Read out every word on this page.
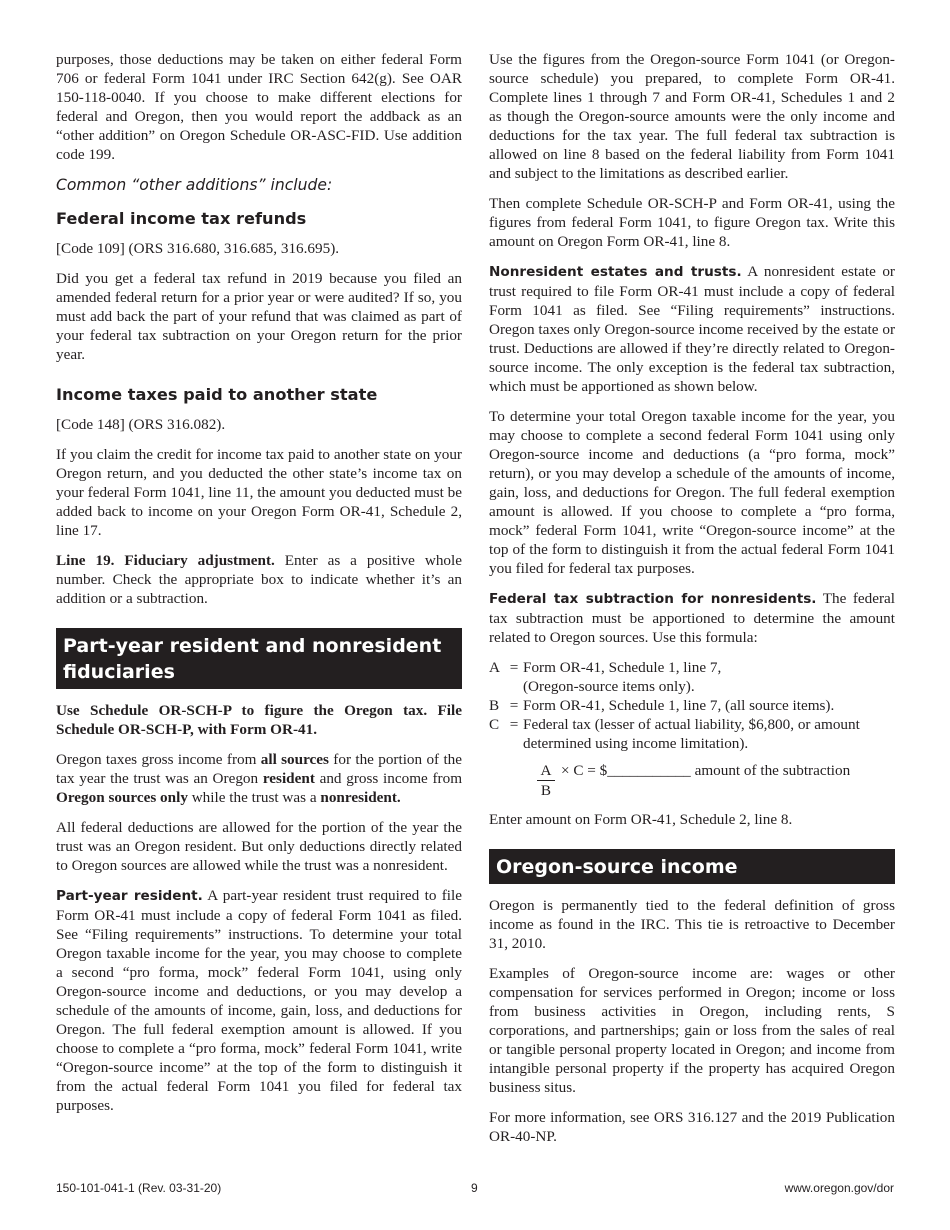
purposes, those deductions may be taken on either federal Form 706 or federal Form 1041 under IRC Section 642(g). See OAR 150-118-0040. If you choose to make different elections for federal and Oregon, then you would report the addback as an “other addition” on Oregon Schedule OR-ASC-FID. Use addition code 199.

Common “other additions” include:
Federal income tax refunds

[Code 109] (ORS 316.680, 316.685, 316.695).

Did you get a federal tax refund in 2019 because you filed an amended federal return for a prior year or were audited? If so, you must add back the part of your refund that was claimed as part of your federal tax subtraction on your Oregon return for the prior year.

Income taxes paid to another state

[Code 148] (ORS 316.082).

If you claim the credit for income tax paid to another state on your Oregon return, and you deducted the other state’s income tax on your federal Form 1041, line 11, the amount you deducted must be added back to income on your Oregon Form OR-41, Schedule 2, line 17.

Line 19. Fiduciary adjustment. Enter as a positive whole number. Check the appropriate box to indicate whether it’s an addition or a subtraction.

Part-year resident and nonresident fiduciaries

Use Schedule OR-SCH-P to figure the Oregon tax. File Schedule OR-SCH-P, with Form OR-41.

Oregon taxes gross income from all sources for the portion of the tax year the trust was an Oregon resident and gross income from Oregon sources only while the trust was a nonresident.

All federal deductions are allowed for the portion of the year the trust was an Oregon resident. But only deductions directly related to Oregon sources are allowed while the trust was a nonresident.

Part-year resident. A part-year resident trust required to file Form OR-41 must include a copy of federal Form 1041 as filed. See “Filing requirements” instructions. To determine your total Oregon taxable income for the year, you may choose to complete a second “pro forma, mock” federal Form 1041, using only Oregon-source income and deductions, or you may develop a schedule of the amounts of income, gain, loss, and deductions for Oregon. The full federal exemption amount is allowed. If you choose to complete a “pro forma, mock” federal Form 1041, write “Oregon-source income” at the top of the form to distinguish it from the actual federal Form 1041 you filed for federal tax purposes.

Use the figures from the Oregon-source Form 1041 (or Oregon-source schedule) you prepared, to complete Form OR-41. Complete lines 1 through 7 and Form OR-41, Schedules 1 and 2 as though the Oregon-source amounts were the only income and deductions for the tax year. The full federal tax subtraction is allowed on line 8 based on the federal liability from Form 1041 and subject to the limitations as described earlier.

Then complete Schedule OR-SCH-P and Form OR-41, using the figures from federal Form 1041, to figure Oregon tax. Write this amount on Oregon Form OR-41, line 8.

Nonresident estates and trusts. A nonresident estate or trust required to file Form OR-41 must include a copy of federal Form 1041 as filed. See “Filing requirements” instructions. Oregon taxes only Oregon-source income received by the estate or trust. Deductions are allowed if they’re directly related to Oregon-source income. The only exception is the federal tax subtraction, which must be apportioned as shown below.

To determine your total Oregon taxable income for the year, you may choose to complete a second federal Form 1041 using only Oregon-source income and deductions (a “pro forma, mock” return), or you may develop a schedule of the amounts of income, gain, loss, and deductions for Oregon. The full federal exemption amount is allowed. If you choose to complete a “pro forma, mock” federal Form 1041, write “Oregon-source income” at the top of the form to distinguish it from the actual federal Form 1041 you filed for federal tax purposes.

Federal tax subtraction for nonresidents. The federal tax subtraction must be apportioned to determine the amount related to Oregon sources. Use this formula:

A = Form OR-41, Schedule 1, line 7,
(Oregon-source items only).
B = Form OR-41, Schedule 1, line 7, (all source items).
C = Federal tax (lesser of actual liability, $6,800, or amount
determined using income limitation).
$\frac{A}{B} \times C$ = $___________ amount of the subtraction

Enter amount on Form OR-41, Schedule 2, line 8.

Oregon-source income

Oregon is permanently tied to the federal definition of gross income as found in the IRC. This tie is retroactive to December 31, 2010.

Examples of Oregon-source income are: wages or other compensation for services performed in Oregon; income or loss from business activities in Oregon, including rents, S corporations, and partnerships; gain or loss from the sales of real or tangible personal property located in Oregon; and income from intangible personal property if the property has acquired Oregon business situs.

For more information, see ORS 316.127 and the 2019 Publication OR-40-NP.

150-101-041-1 (Rev. 03-31-20)	9	www.oregon.gov/dor
